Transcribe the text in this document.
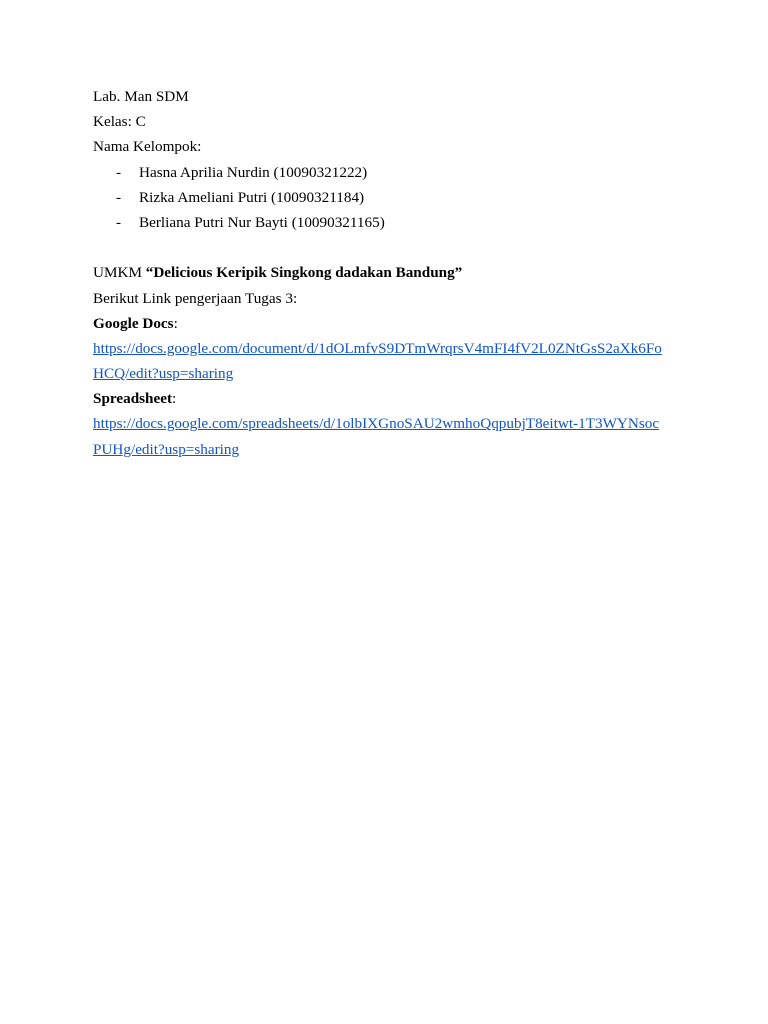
Lab. Man SDM
Kelas: C
Nama Kelompok:
- Hasna Aprilia Nurdin (10090321222)
- Rizka Ameliani Putri (10090321184)
- Berliana Putri Nur Bayti (10090321165)
UMKM “Delicious Keripik Singkong dadakan Bandung”
Berikut Link pengerjaan Tugas 3:
Google Docs:
https://docs.google.com/document/d/1dOLmfvS9DTmWrqrsV4mFI4fV2L0ZNtGsS2aXk6Fo
HCQ/edit?usp=sharing
Spreadsheet:
https://docs.google.com/spreadsheets/d/1olbIXGnoSAU2wmhoQqpubjT8eitwt-1T3WYNsoc
PUHg/edit?usp=sharing
